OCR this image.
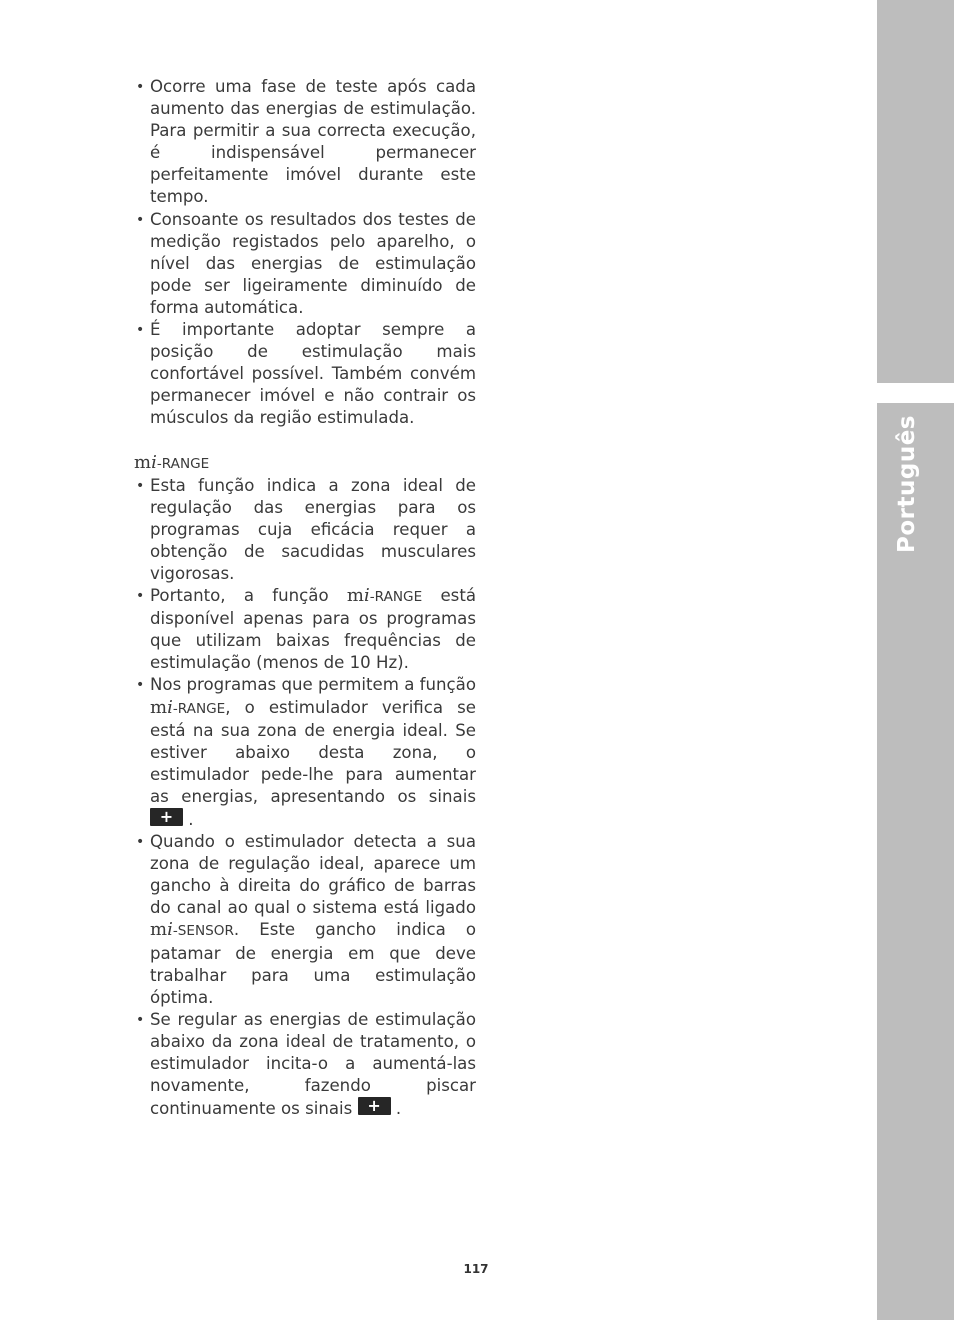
Português
• Ocorre uma fase de teste após cada aumento das energias de estimulação. Para permitir a sua correcta execução, é indispensável permanecer perfeitamente imóvel durante este tempo.
• Consoante os resultados dos testes de medição registados pelo aparelho, o nível das energias de estimulação pode ser ligeiramente diminuído de forma automática.
• É importante adoptar sempre a posição de estimulação mais confortável possível. Também convém permanecer imóvel e não contrair os músculos da região estimulada.
mi-RANGE
• Esta função indica a zona ideal de regulação das energias para os programas cuja eficácia requer a obtenção de sacudidas musculares vigorosas.
• Portanto, a função mi-RANGE está disponível apenas para os programas que utilizam baixas frequências de estimulação (menos de 10 Hz).
• Nos programas que permitem a função mi-RANGE, o estimulador verifica se está na sua zona de energia ideal. Se estiver abaixo desta zona, o estimulador pede-lhe para aumentar as energias, apresentando os sinais + .
• Quando o estimulador detecta a sua zona de regulação ideal, aparece um gancho à direita do gráfico de barras do canal ao qual o sistema está ligado mi-SENSOR. Este gancho indica o patamar de energia em que deve trabalhar para uma estimulação óptima.
• Se regular as energias de estimulação abaixo da zona ideal de tratamento, o estimulador incita-o a aumentá-las novamente, fazendo piscar continuamente os sinais + .
117
